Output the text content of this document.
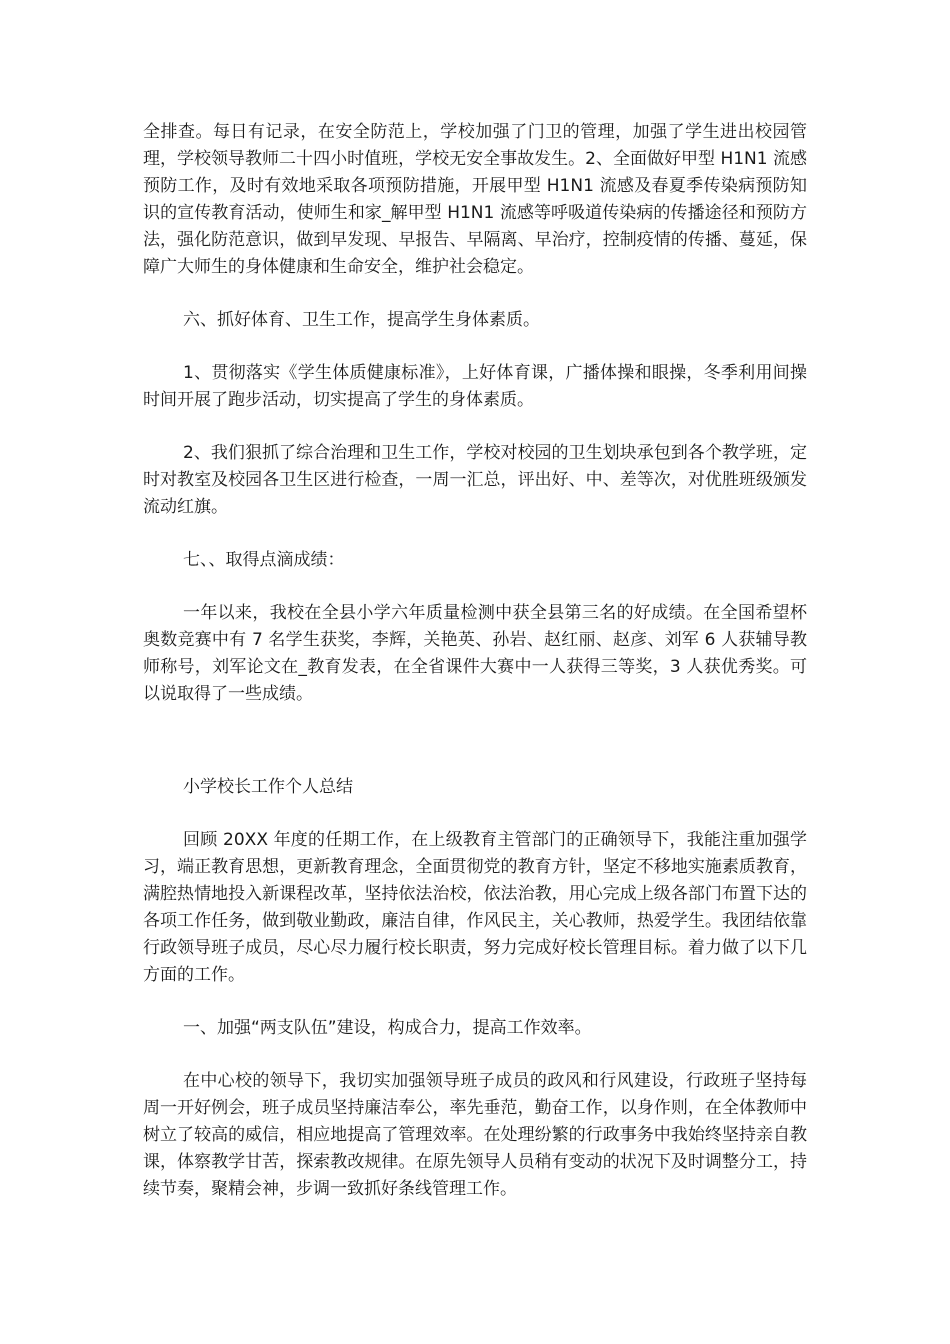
全排查。每日有记录，在安全防范上，学校加强了门卫的管理，加强了学生进出校园管理，学校领导教师二十四小时值班，学校无安全事故发生。2、全面做好甲型 H1N1 流感预防工作，及时有效地采取各项预防措施，开展甲型 H1N1 流感及春夏季传染病预防知识的宣传教育活动，使师生和家_解甲型 H1N1 流感等呼吸道传染病的传播途径和预防方法，强化防范意识，做到早发现、早报告、早隔离、早治疗，控制疫情的传播、蔓延，保障广大师生的身体健康和生命安全，维护社会稳定。

六、抓好体育、卫生工作，提高学生身体素质。

1、贯彻落实《学生体质健康标准》，上好体育课，广播体操和眼操，冬季利用间操时间开展了跑步活动，切实提高了学生的身体素质。

2、我们狠抓了综合治理和卫生工作，学校对校园的卫生划块承包到各个教学班，定时对教室及校园各卫生区进行检查，一周一汇总，评出好、中、差等次，对优胜班级颁发流动红旗。

七、、取得点滴成绩：

一年以来，我校在全县小学六年质量检测中获全县第三名的好成绩。在全国希望杯奥数竞赛中有 7 名学生获奖，李辉，关艳英、孙岩、赵红丽、赵彦、刘军 6 人获辅导教师称号，刘军论文在_教育发表，在全省课件大赛中一人获得三等奖，3 人获优秀奖。可以说取得了一些成绩。

小学校长工作个人总结

回顾 20XX 年度的任期工作，在上级教育主管部门的正确领导下，我能注重加强学习，端正教育思想，更新教育理念，全面贯彻党的教育方针，坚定不移地实施素质教育，满腔热情地投入新课程改革，坚持依法治校，依法治教，用心完成上级各部门布置下达的各项工作任务，做到敬业勤政，廉洁自律，作风民主，关心教师，热爱学生。我团结依靠行政领导班子成员，尽心尽力履行校长职责，努力完成好校长管理目标。着力做了以下几方面的工作。

一、加强“两支队伍”建设，构成合力，提高工作效率。

在中心校的领导下，我切实加强领导班子成员的政风和行风建设，行政班子坚持每周一开好例会，班子成员坚持廉洁奉公，率先垂范，勤奋工作，以身作则，在全体教师中树立了较高的威信，相应地提高了管理效率。在处理纷繁的行政事务中我始终坚持亲自教课，体察教学甘苦，探索教改规律。在原先领导人员稍有变动的状况下及时调整分工，持续节奏，聚精会神，步调一致抓好条线管理工作。
